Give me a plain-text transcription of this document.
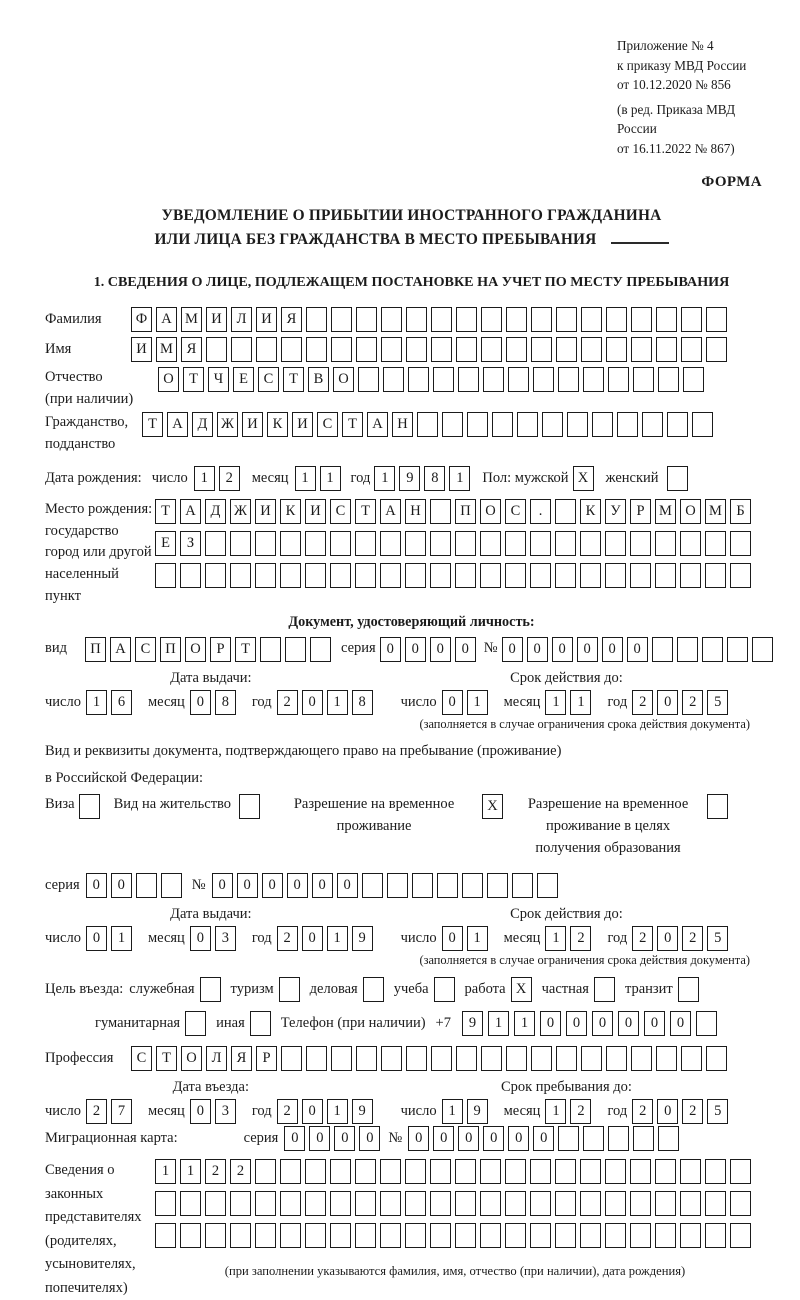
Приложение № 4
к приказу МВД России
от 10.12.2020 № 856
(в ред. Приказа МВД России
от 16.11.2022 № 867)
ФОРМА
УВЕДОМЛЕНИЕ О ПРИБЫТИИ ИНОСТРАННОГО ГРАЖДАНИНА
ИЛИ ЛИЦА БЕЗ ГРАЖДАНСТВА В МЕСТО ПРЕБЫВАНИЯ
1. СВЕДЕНИЯ О ЛИЦЕ, ПОДЛЕЖАЩЕМ ПОСТАНОВКЕ НА УЧЕТ ПО МЕСТУ ПРЕБЫВАНИЯ
Фамилия	Ф А М И	Л	И	Я
Имя	И М Я
Отчество
(при наличии)
О	Т	Ч	Е	С	Т	В	О
Гражданство,
подданство
Т	А	Д Ж И	К	И	С	Т	А	Н
Дата рождения: число 1	2	месяц 1	1	год 1	9	8	1	Пол: мужской X	женский
Место рождения:
государство
город или другой
населенный пункт
Т	А	Д Ж И	К	И	С	Т	А	Н	П	О	С	.	К	У	Р	М О М Б
Е	З
Документ, удостоверяющий личность:
вид	П	А	С	П	О	Р	Т	серия 0	0	0	0	№ 0	0	0	0	0	0
Дата выдачи:
число 1	6	месяц 0	8	год 2	0	1	8
Срок действия до:
число 0	1	месяц 1	1	год 2	0	2	5
(заполняется в случае ограничения срока действия документа)
Вид и реквизиты документа, подтверждающего право на пребывание (проживание)
в Российской Федерации:
Виза	Вид на жительство	Разрешение на временное
проживание
X	Разрешение на временное
проживание в целях
получения образования
серия 0	0	№ 0	0	0	0	0	0
Дата выдачи:
число 0	1	месяц 0	3	год 2	0	1	9
Срок действия до:
число 0	1	месяц 1	2	год 2	0	2	5
(заполняется в случае ограничения срока действия документа)
Цель въезда: служебная туризм деловая учеба работа X	частная транзит
гуманитарная иная Телефон (при наличии) +7	9	1	1	0	0	0	0	0	0
Профессия	С	Т	О	Л	Я	Р
Дата въезда:
число 2	7	месяц 0	3	год 2	0	1	9
Срок пребывания до:
число 1	9	месяц 1	2	год 2	0	2	5
Миграционная карта:	серия 0	0	0	0	№ 0	0	0	0	0	0
Сведения о
законных
представителях
(родителях,
усыновителях,
попечителях)
1	1	2	2
(при заполнении указываются фамилия, имя, отчество (при наличии), дата рождения)
